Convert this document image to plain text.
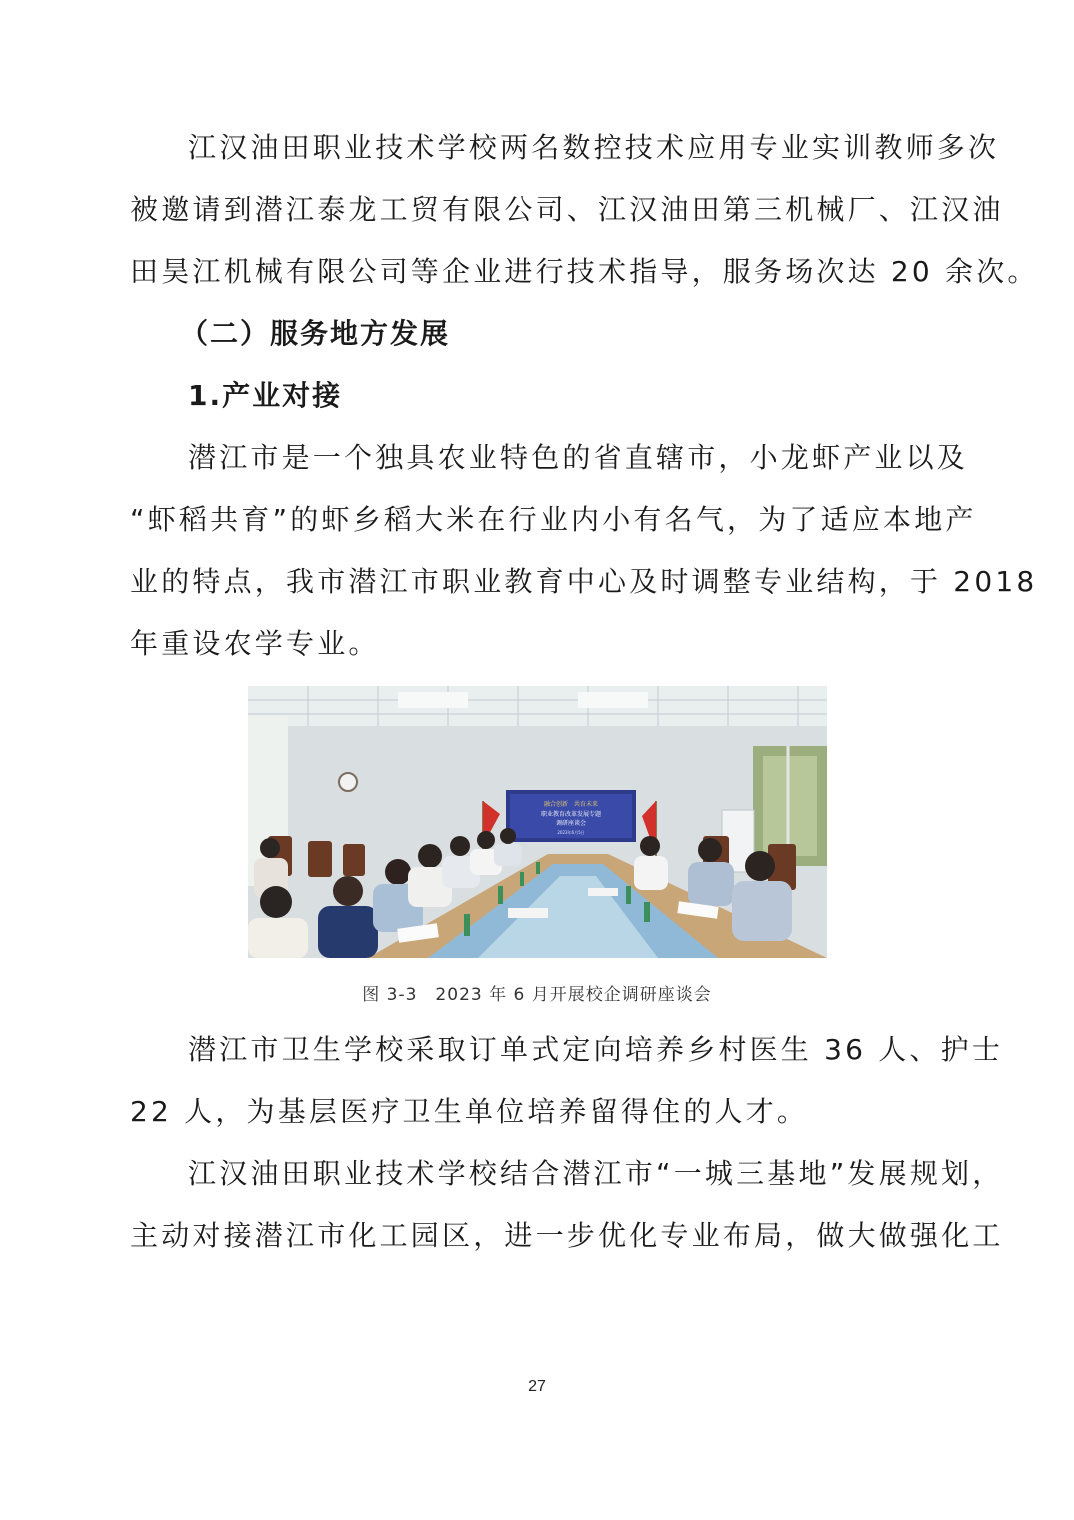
江汉油田职业技术学校两名数控技术应用专业实训教师多次
被邀请到潜江泰龙工贸有限公司、江汉油田第三机械厂、江汉油
田昊江机械有限公司等企业进行技术指导，服务场次达 20 余次。
（二）服务地方发展
1.产业对接
潜江市是一个独具农业特色的省直辖市，小龙虾产业以及
“虾稻共育”的虾乡稻大米在行业内小有名气，为了适应本地产
业的特点，我市潜江市职业教育中心及时调整专业结构，于 2018
年重设农学专业。
融合创新　共育未来
职业教育改革发展专题
调研座谈会
2023年6月5日
图 3-3　2023 年 6 月开展校企调研座谈会
潜江市卫生学校采取订单式定向培养乡村医生 36 人、护士
22 人，为基层医疗卫生单位培养留得住的人才。
江汉油田职业技术学校结合潜江市“一城三基地”发展规划，
主动对接潜江市化工园区，进一步优化专业布局，做大做强化工
27
